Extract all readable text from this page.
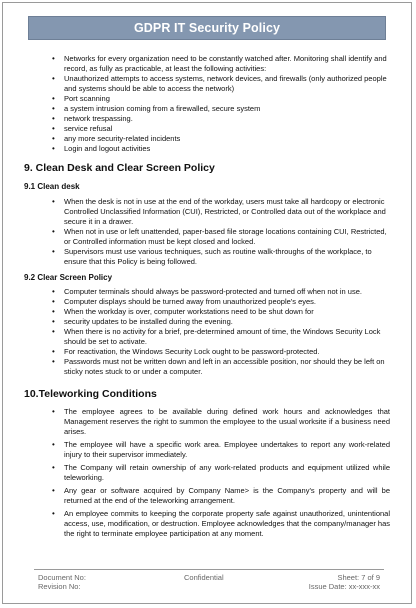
GDPR IT Security Policy
• Networks for every organization need to be constantly watched after. Monitoring shall identify and record, as fully as practicable, at least the following activities:
• Unauthorized attempts to access systems, network devices, and firewalls (only authorized people and systems should be able to access the network)
• Port scanning
• a system intrusion coming from a firewalled, secure system
• network trespassing.
• service refusal
• any more security-related incidents
• Login and logout activities
9. Clean Desk and Clear Screen Policy
9.1 Clean desk
• When the desk is not in use at the end of the workday, users must take all hardcopy or electronic Controlled Unclassified Information (CUI), Restricted, or Controlled data out of the workplace and secure it in a drawer.
• When not in use or left unattended, paper-based file storage locations containing CUI, Restricted, or Controlled information must be kept closed and locked.
• Supervisors must use various techniques, such as routine walk-throughs of the workplace, to ensure that this Policy is being followed.
9.2 Clear Screen Policy
• Computer terminals should always be password-protected and turned off when not in use.
• Computer displays should be turned away from unauthorized people's eyes.
• When the workday is over, computer workstations need to be shut down for
• security updates to be installed during the evening.
• When there is no activity for a brief, pre-determined amount of time, the Windows Security Lock should be set to activate.
• For reactivation, the Windows Security Lock ought to be password-protected.
• Passwords must not be written down and left in an accessible position, nor should they be left on sticky notes stuck to or under a computer.
10.Teleworking Conditions
• The employee agrees to be available during defined work hours and acknowledges that Management reserves the right to summon the employee to the usual worksite if a business need arises.
• The employee will have a specific work area. Employee undertakes to report any work-related injury to their supervisor immediately.
• The Company will retain ownership of any work-related products and equipment utilized while teleworking.
• Any gear or software acquired by Company Name> is the Company's property and will be returned at the end of the teleworking arrangement.
• An employee commits to keeping the corporate property safe against unauthorized, unintentional access, use, modification, or destruction. Employee acknowledges that the company/manager has the right to terminate employee participation at any moment.
Document No:	Confidential	Sheet: 7 of 9
Revision No:	Issue Date: xx-xxx-xx
